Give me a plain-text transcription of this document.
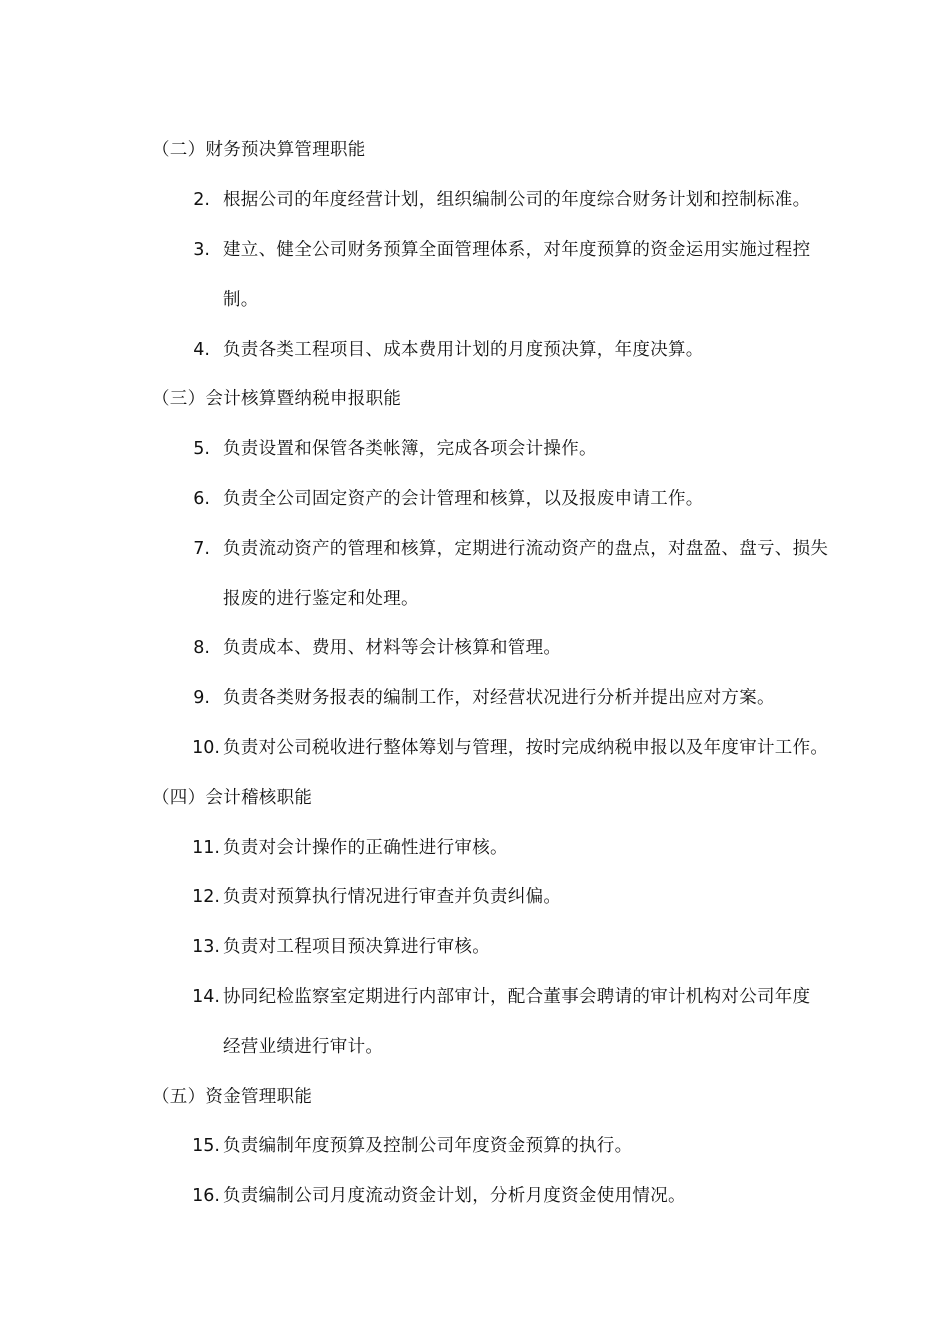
（二）财务预决算管理职能
2. 根据公司的年度经营计划，组织编制公司的年度综合财务计划和控制标准。
3. 建立、健全公司财务预算全面管理体系，对年度预算的资金运用实施过程控
制。
4. 负责各类工程项目、成本费用计划的月度预决算，年度决算。
（三）会计核算暨纳税申报职能
5. 负责设置和保管各类帐簿，完成各项会计操作。
6. 负责全公司固定资产的会计管理和核算，以及报废申请工作。
7. 负责流动资产的管理和核算，定期进行流动资产的盘点，对盘盈、盘亏、损失
报废的进行鉴定和处理。
8. 负责成本、费用、材料等会计核算和管理。
9. 负责各类财务报表的编制工作，对经营状况进行分析并提出应对方案。
10. 负责对公司税收进行整体筹划与管理，按时完成纳税申报以及年度审计工作。
（四）会计稽核职能
11. 负责对会计操作的正确性进行审核。
12. 负责对预算执行情况进行审查并负责纠偏。
13. 负责对工程项目预决算进行审核。
14. 协同纪检监察室定期进行内部审计，配合董事会聘请的审计机构对公司年度
经营业绩进行审计。
（五）资金管理职能
15. 负责编制年度预算及控制公司年度资金预算的执行。
16. 负责编制公司月度流动资金计划，分析月度资金使用情况。
